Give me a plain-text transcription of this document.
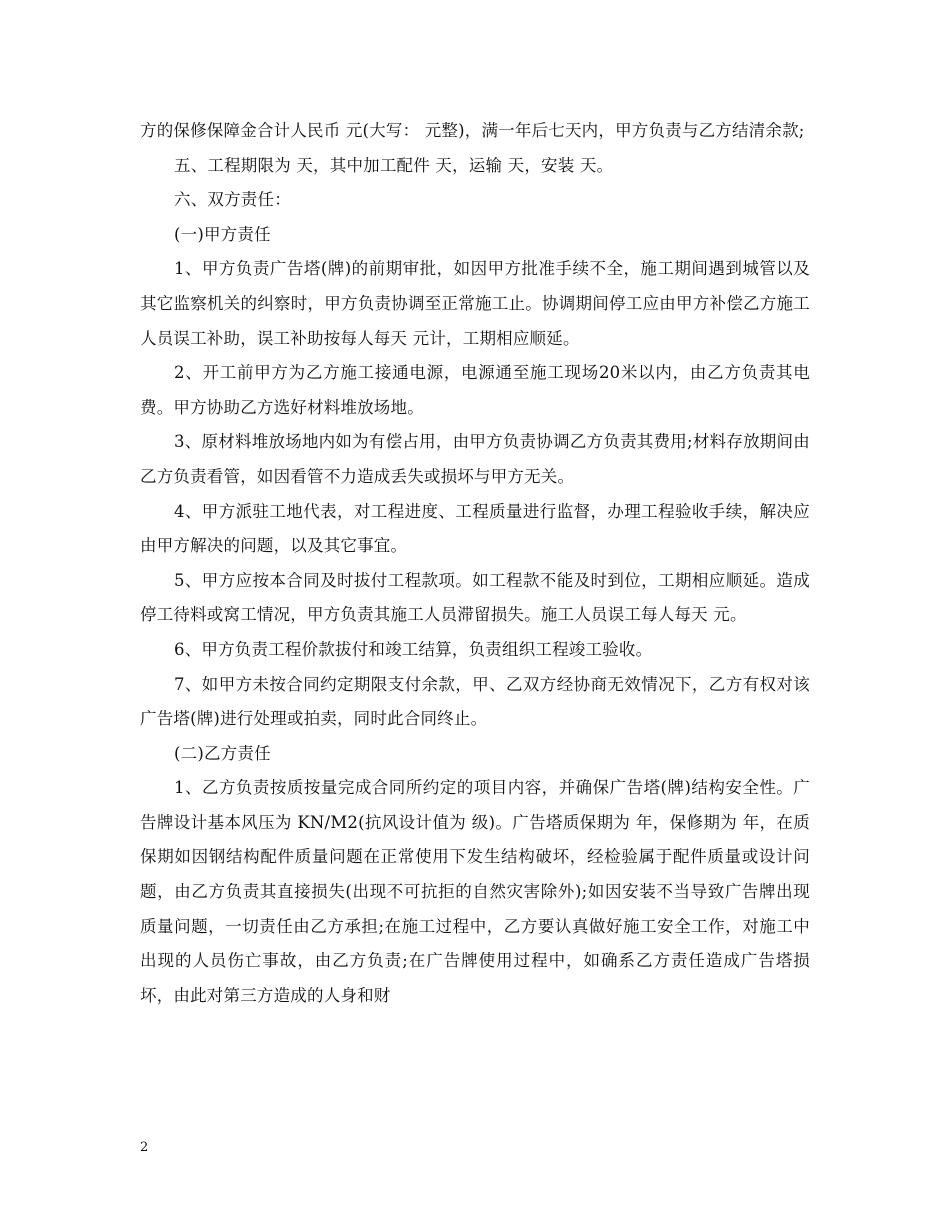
方的保修保障金合计人民币 元(大写： 元整)，满一年后七天内，甲方负责与乙方结清余款;

五、工程期限为 天，其中加工配件 天，运输 天，安装 天。

六、双方责任：

(一)甲方责任

1、甲方负责广告塔(牌)的前期审批，如因甲方批准手续不全，施工期间遇到城管以及其它监察机关的纠察时，甲方负责协调至正常施工止。协调期间停工应由甲方补偿乙方施工人员误工补助，误工补助按每人每天 元计，工期相应顺延。

2、开工前甲方为乙方施工接通电源，电源通至施工现场20米以内，由乙方负责其电费。甲方协助乙方选好材料堆放场地。

3、原材料堆放场地内如为有偿占用，由甲方负责协调乙方负责其费用;材料存放期间由乙方负责看管，如因看管不力造成丢失或损坏与甲方无关。

4、甲方派驻工地代表，对工程进度、工程质量进行监督，办理工程验收手续，解决应由甲方解决的问题，以及其它事宜。

5、甲方应按本合同及时拔付工程款项。如工程款不能及时到位，工期相应顺延。造成停工待料或窝工情况，甲方负责其施工人员滞留损失。施工人员误工每人每天 元。

6、甲方负责工程价款拔付和竣工结算，负责组织工程竣工验收。

7、如甲方未按合同约定期限支付余款，甲、乙双方经协商无效情况下，乙方有权对该广告塔(牌)进行处理或拍卖，同时此合同终止。

(二)乙方责任

1、乙方负责按质按量完成合同所约定的项目内容，并确保广告塔(牌)结构安全性。广告牌设计基本风压为 KN/M2(抗风设计值为 级)。广告塔质保期为 年，保修期为 年，在质保期如因钢结构配件质量问题在正常使用下发生结构破坏，经检验属于配件质量或设计问题，由乙方负责其直接损失(出现不可抗拒的自然灾害除外);如因安装不当导致广告牌出现质量问题，一切责任由乙方承担;在施工过程中，乙方要认真做好施工安全工作，对施工中出现的人员伤亡事故，由乙方负责;在广告牌使用过程中，如确系乙方责任造成广告塔损坏，由此对第三方造成的人身和财

2
